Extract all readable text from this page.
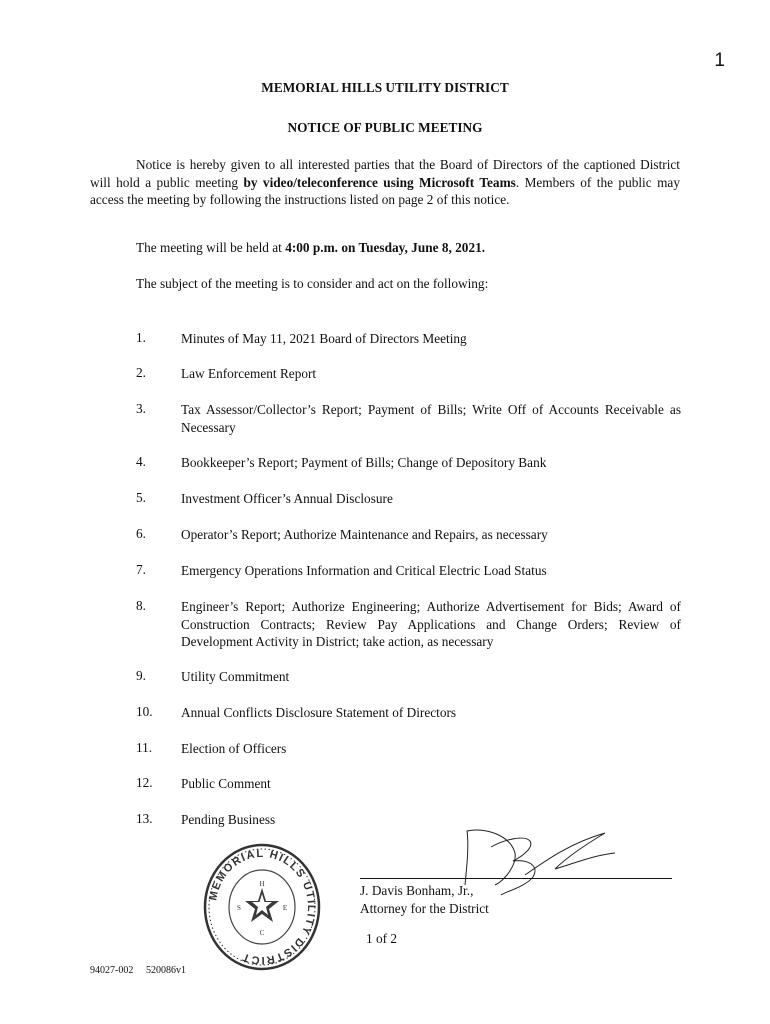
1
MEMORIAL HILLS UTILITY DISTRICT
NOTICE OF PUBLIC MEETING
Notice is hereby given to all interested parties that the Board of Directors of the captioned District will hold a public meeting by video/teleconference using Microsoft Teams. Members of the public may access the meeting by following the instructions listed on page 2 of this notice.
The meeting will be held at 4:00 p.m. on Tuesday, June 8, 2021.
The subject of the meeting is to consider and act on the following:
1.	Minutes of May 11, 2021 Board of Directors Meeting
2.	Law Enforcement Report
3.	Tax Assessor/Collector’s Report; Payment of Bills; Write Off of Accounts Receivable as Necessary
4.	Bookkeeper’s Report; Payment of Bills; Change of Depository Bank
5.	Investment Officer’s Annual Disclosure
6.	Operator’s Report; Authorize Maintenance and Repairs, as necessary
7.	Emergency Operations Information and Critical Electric Load Status
8.	Engineer’s Report; Authorize Engineering; Authorize Advertisement for Bids; Award of Construction Contracts; Review Pay Applications and Change Orders; Review of Development Activity in District; take action, as necessary
9.	Utility Commitment
10. Annual Conflicts Disclosure Statement of Directors
11. Election of Officers
12. Public Comment
13. Pending Business
MEMORIAL HILLS UTILITY DISTRICT
H
C
S	E
J. Davis Bonham, Jr.,
Attorney for the District
1 of 2
94027-002 520086v1
